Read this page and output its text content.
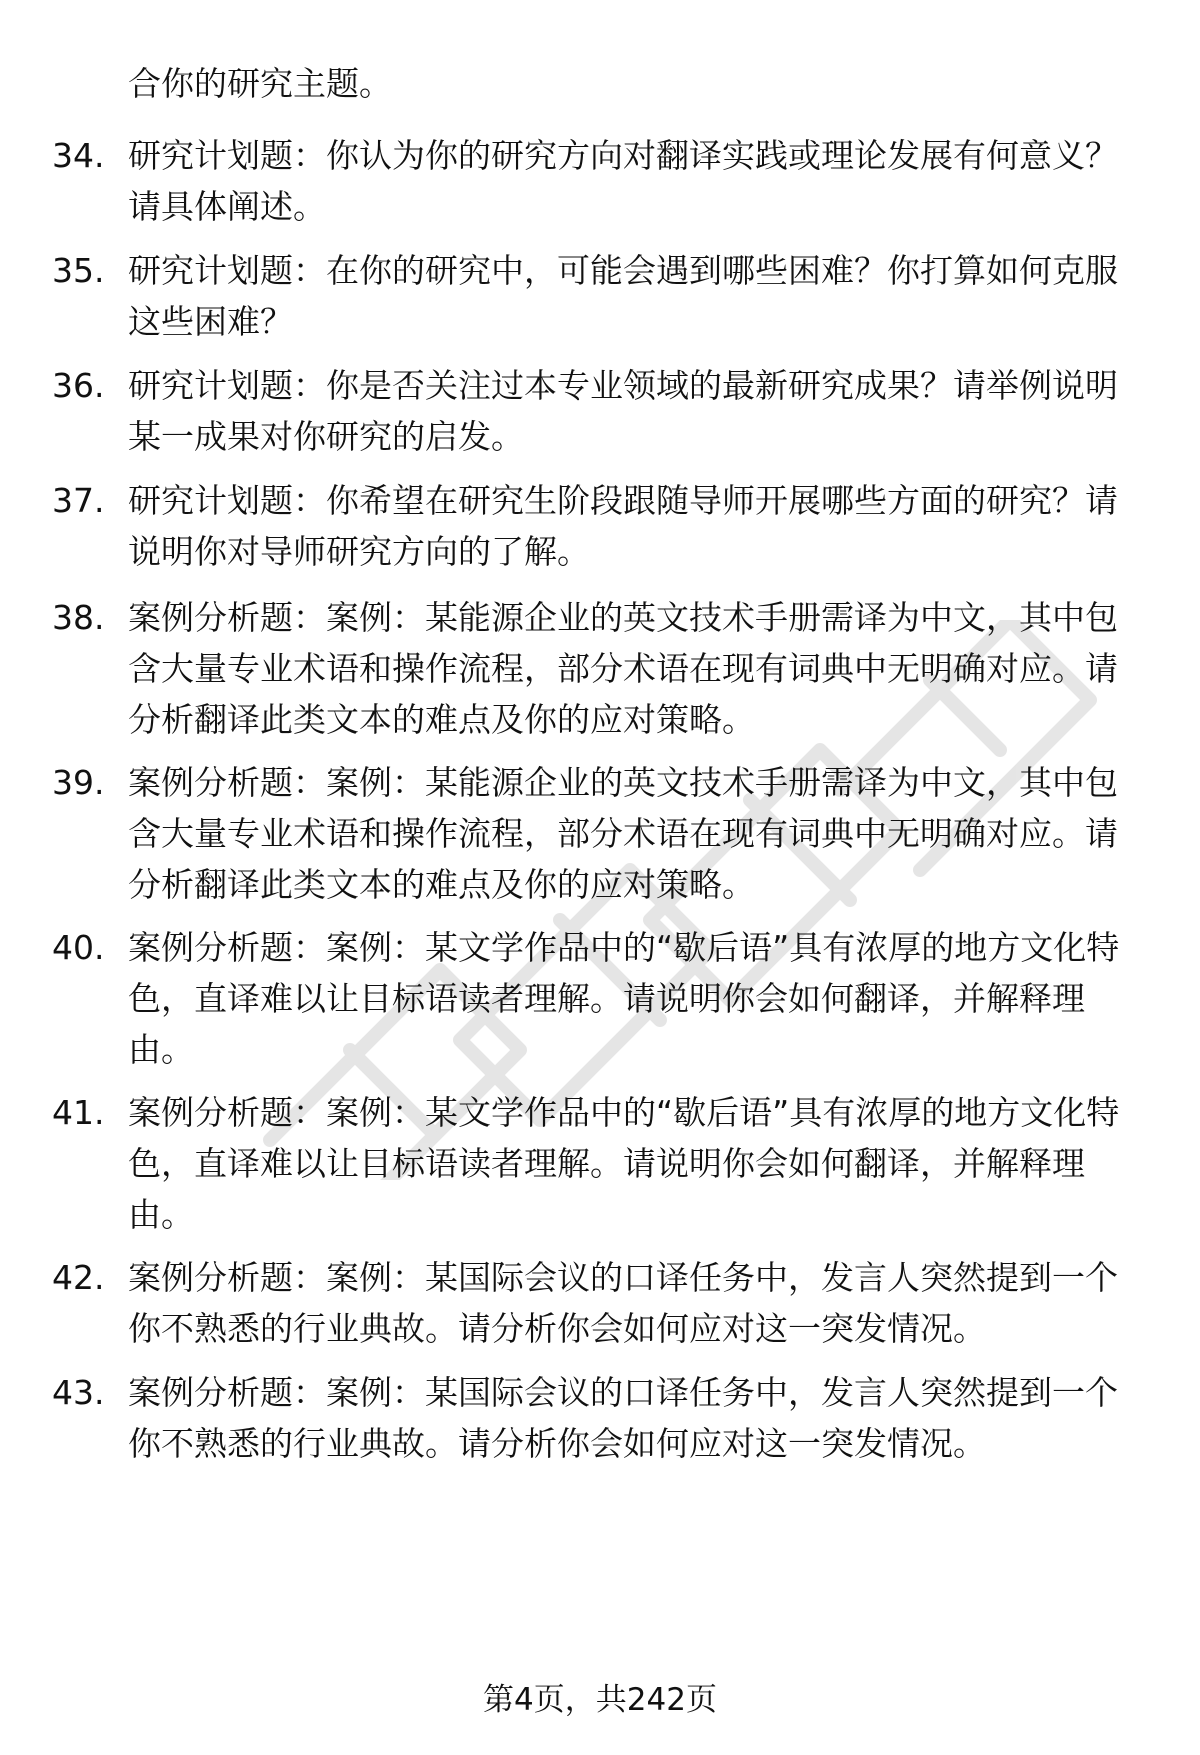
合你的研究主题。
34. 研究计划题：你认为你的研究方向对翻译实践或理论发展有何意义？请具体阐述。
35. 研究计划题：在你的研究中，可能会遇到哪些困难？你打算如何克服这些困难？
36. 研究计划题：你是否关注过本专业领域的最新研究成果？请举例说明某一成果对你研究的启发。
37. 研究计划题：你希望在研究生阶段跟随导师开展哪些方面的研究？请说明你对导师研究方向的了解。
38. 案例分析题：案例：某能源企业的英文技术手册需译为中文，其中包含大量专业术语和操作流程，部分术语在现有词典中无明确对应。请分析翻译此类文本的难点及你的应对策略。
39. 案例分析题：案例：某能源企业的英文技术手册需译为中文，其中包含大量专业术语和操作流程，部分术语在现有词典中无明确对应。请分析翻译此类文本的难点及你的应对策略。
40. 案例分析题：案例：某文学作品中的“歇后语”具有浓厚的地方文化特色，直译难以让目标语读者理解。请说明你会如何翻译，并解释理由。
41. 案例分析题：案例：某文学作品中的“歇后语”具有浓厚的地方文化特色，直译难以让目标语读者理解。请说明你会如何翻译，并解释理由。
42. 案例分析题：案例：某国际会议的口译任务中，发言人突然提到一个你不熟悉的行业典故。请分析你会如何应对这一突发情况。
43. 案例分析题：案例：某国际会议的口译任务中，发言人突然提到一个你不熟悉的行业典故。请分析你会如何应对这一突发情况。
第4页，共242页
